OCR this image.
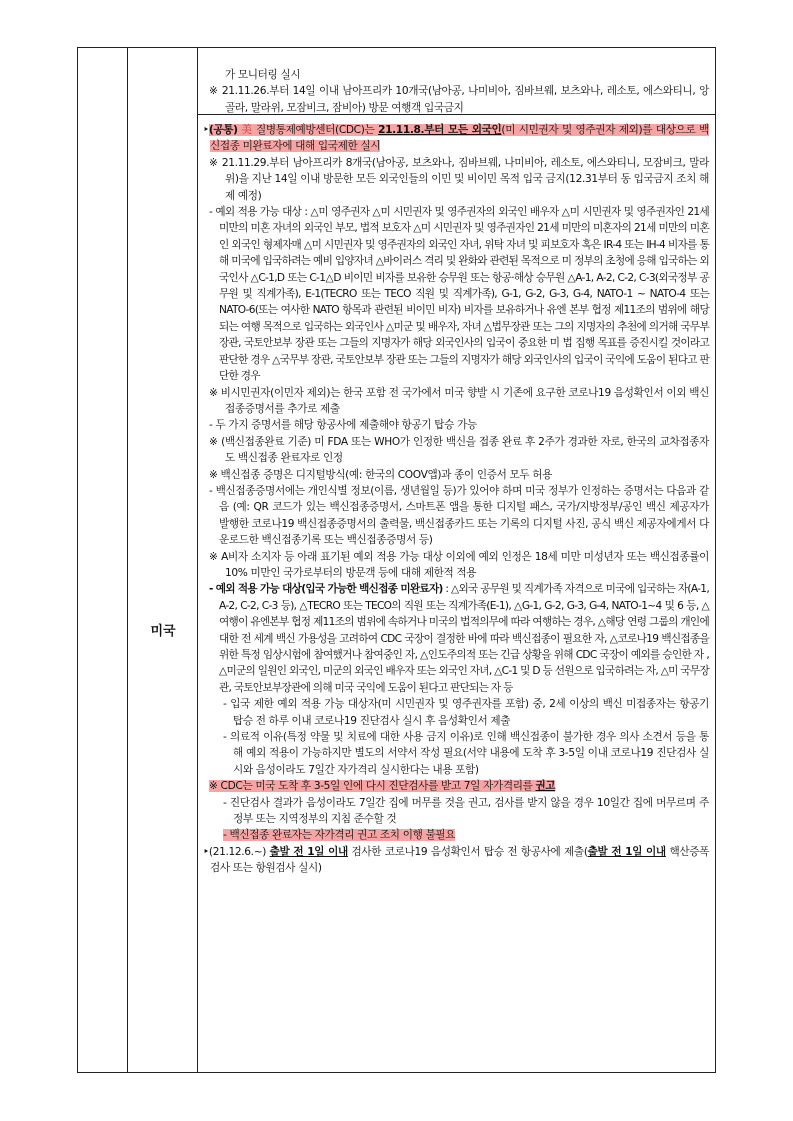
미국

가 모니터링 실시

※ 21.11.26.부터 14일 이내 남아프리카 10개국(남아공, 나미비아, 짐바브웨, 보츠와나, 레소토, 에스와티니, 앙골라, 말라위, 모잠비크, 잠비아) 방문 여행객 입국금지

‣(공통) 美 질병통제예방센터(CDC)는 21.11.8.부터 모든 외국인(미 시민권자 및 영주권자 제외)를 대상으로 백신접종 미완료자에 대해 입국제한 실시

※ 21.11.29.부터 남아프리카 8개국(남아공, 보츠와나, 짐바브웨, 나미비아, 레소토, 에스와티니, 모잠비크, 말라위)을 지난 14일 이내 방문한 모든 외국인들의 이민 및 비이민 목적 입국 금지(12.31부터 동 입국금지 조치 해제 예정)

- 예외 적용 가능 대상 : △미 영주권자 △미 시민권자 및 영주권자의 외국인 배우자 △미 시민권자 및 영주권자인 21세 미만의 미혼 자녀의 외국인 부모, 법적 보호자 △미 시민권자 및 영주권자인 21세 미만의 미혼자의 21세 미만의 미혼인 외국인 형제자매 △미 시민권자 및 영주권자의 외국인 자녀, 위탁 자녀 및 피보호자 혹은 IR-4 또는 IH-4 비자를 통해 미국에 입국하려는 예비 입양자녀 △바이러스 격리 및 완화와 관련된 목적으로 미 정부의 초청에 응해 입국하는 외국인사 △C-1,D 또는 C-1△D 비이민 비자를 보유한 승무원 또는 항공·해상 승무원 △A-1, A-2, C-2, C-3(외국정부 공무원 및 직계가족), E-1(TECRO 또는 TECO 직원 및 직계가족), G-1, G-2, G-3, G-4, NATO-1 ~ NATO-4 또는 NATO-6(또는 여사한 NATO 항목과 관련된 비이민 비자) 비자를 보유하거나 유엔 본부 협정 제11조의 범위에 해당되는 여행 목적으로 입국하는 외국인사 △미군 및 배우자, 자녀 △법무장관 또는 그의 지명자의 추천에 의거해 국무부 장관, 국토안보부 장관 또는 그들의 지명자가 해당 외국인사의 입국이 중요한 미 법 집행 목표를 증진시킬 것이라고 판단한 경우 △국무부 장관, 국토안보부 장관 또는 그들의 지명자가 해당 외국인사의 입국이 국익에 도움이 된다고 판단한 경우

※ 비시민권자(이민자 제외)는 한국 포함 전 국가에서 미국 향발 시 기존에 요구한 코로나19 음성확인서 이외 백신접종증명서를 추가로 제출

- 두 가지 증명서를 해당 항공사에 제출해야 항공기 탑승 가능

※ (백신접종완료 기준) 미 FDA 또는 WHO가 인정한 백신을 접종 완료 후 2주가 경과한 자로, 한국의 교차접종자도 백신접종 완료자로 인정

※ 백신접종 증명은 디지털방식(예: 한국의 COOV앱)과 종이 인증서 모두 허용

- 백신접종증명서에는 개인식별 정보(이름, 생년월일 등)가 있어야 하며 미국 정부가 인정하는 증명서는 다음과 같음 (예: QR 코드가 있는 백신접종증명서, 스마트폰 앱을 통한 디지털 패스, 국가/지방정부/공인 백신 제공자가 발행한 코로나19 백신접종증명서의 출력물, 백신접종카드 또는 기록의 디지털 사진, 공식 백신 제공자에게서 다운로드한 백신접종기록 또는 백신접종증명서 등)

※ A비자 소지자 등 아래 표기된 예외 적용 가능 대상 이외에 예외 인정은 18세 미만 미성년자 또는 백신접종률이 10% 미만인 국가로부터의 방문객 등에 대해 제한적 적용

- 예외 적용 가능 대상(입국 가능한 백신접종 미완료자) : △외국 공무원 및 직계가족 자격으로 미국에 입국하는 자(A-1, A-2, C-2, C-3 등), △TECRO 또는 TECO의 직원 또는 직계가족(E-1), △G-1, G-2, G-3, G-4, NATO-1~4 및 6 등, △여행이 유엔본부 협정 제11조의 범위에 속하거나 미국의 법적의무에 따라 여행하는 경우, △해당 연령 그룹의 개인에 대한 전 세계 백신 가용성을 고려하여 CDC 국장이 결정한 바에 따라 백신접종이 필요한 자, △코로나19 백신접종을 위한 특정 임상시험에 참여했거나 참여중인 자, △인도주의적 또는 긴급 상황을 위해 CDC 국장이 예외를 승인한 자 , △미군의 일원인 외국인, 미군의 외국인 배우자 또는 외국인 자녀, △C-1 및 D 등 선원으로 입국하려는 자, △미 국무장관, 국토안보부장관에 의해 미국 국익에 도움이 된다고 판단되는 자 등

- 입국 제한 예외 적용 가능 대상자(미 시민권자 및 영주권자를 포함) 중, 2세 이상의 백신 미접종자는 항공기 탑승 전 하루 이내 코로나19 진단검사 실시 후 음성확인서 제출

- 의료적 이유(특정 약물 및 치료에 대한 사용 금지 이유)로 인해 백신접종이 불가한 경우 의사 소견서 등을 통해 예외 적용이 가능하지만 별도의 서약서 작성 필요(서약 내용에 도착 후 3-5일 이내 코로나19 진단검사 실시와 음성이라도 7일간 자가격리 실시한다는 내용 포함)

※ CDC는 미국 도착 후 3-5일 인에 다시 진단검사를 받고 7일 자가격리를 권고

- 진단검사 결과가 음성이라도 7일간 집에 머무를 것을 권고, 검사를 받지 않을 경우 10일간 집에 머무르며 주정부 또는 지역정부의 지침 준수할 것

- 백신접종 완료자는 자가격리 권고 조치 이행 불필요

‣(21.12.6.~) 출발 전 1일 이내 검사한 코로나19 음성확인서 탑승 전 항공사에 제출(출발 전 1일 이내 핵산증폭검사 또는 항원검사 실시)
